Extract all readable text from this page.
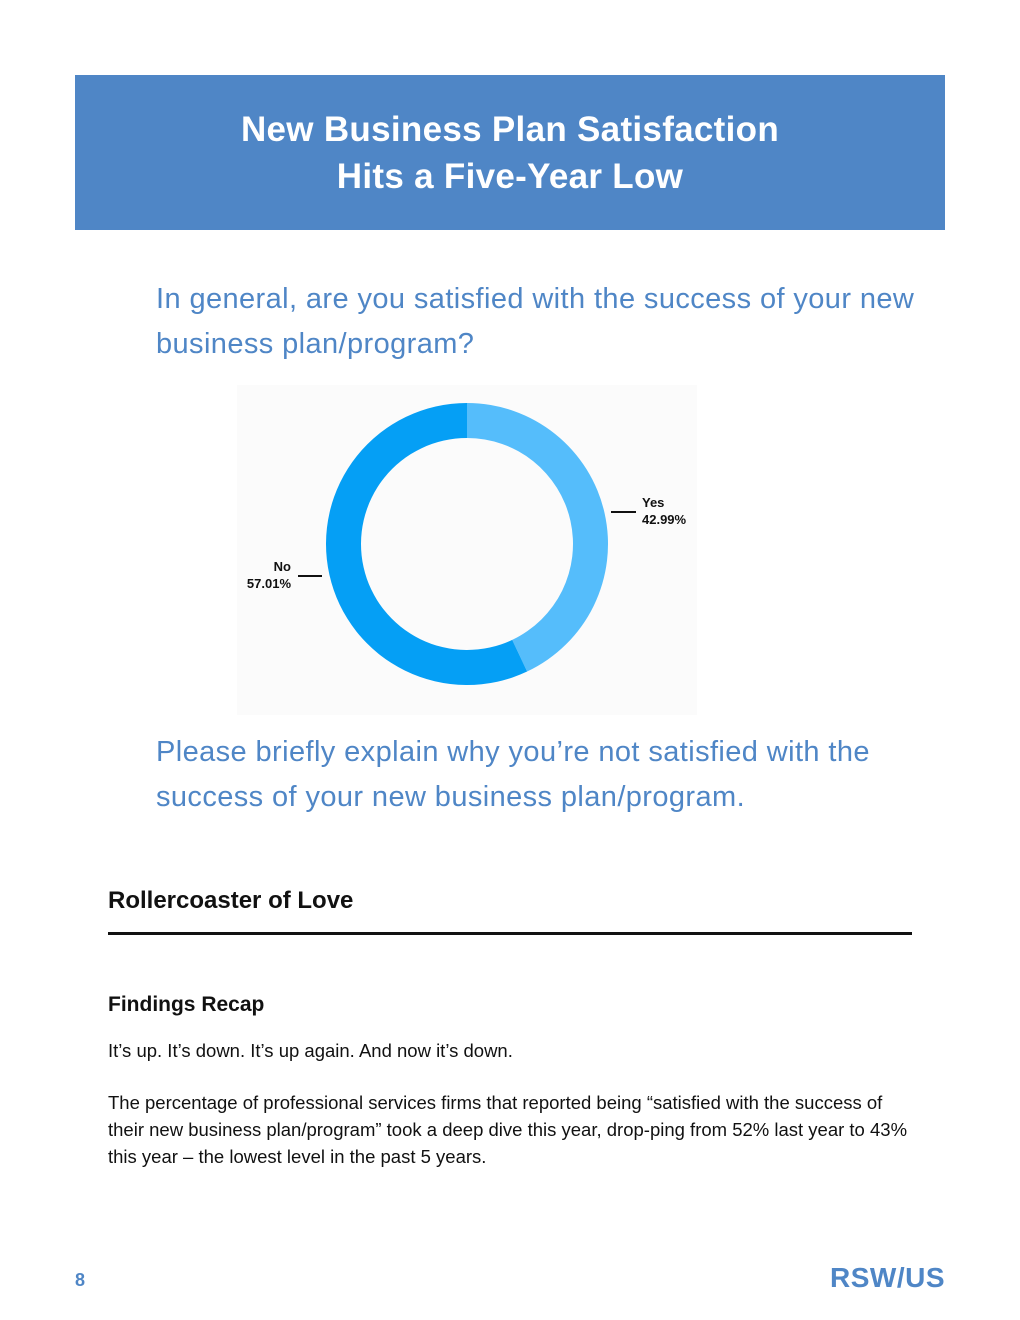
New Business Plan Satisfaction
Hits a Five-Year Low
In general, are you satisfied with the success of your new business plan/program?
No
57.01%
Yes
42.99%
Please briefly explain why you’re not satisfied with the success of your new business plan/program.
Rollercoaster of Love
Findings Recap
It’s up. It’s down. It’s up again. And now it’s down.
The percentage of professional services firms that reported being “satisfied with the success of their new business plan/program” took a deep dive this year, drop-ping from 52% last year to 43% this year – the lowest level in the past 5 years.
8	RSW/US
